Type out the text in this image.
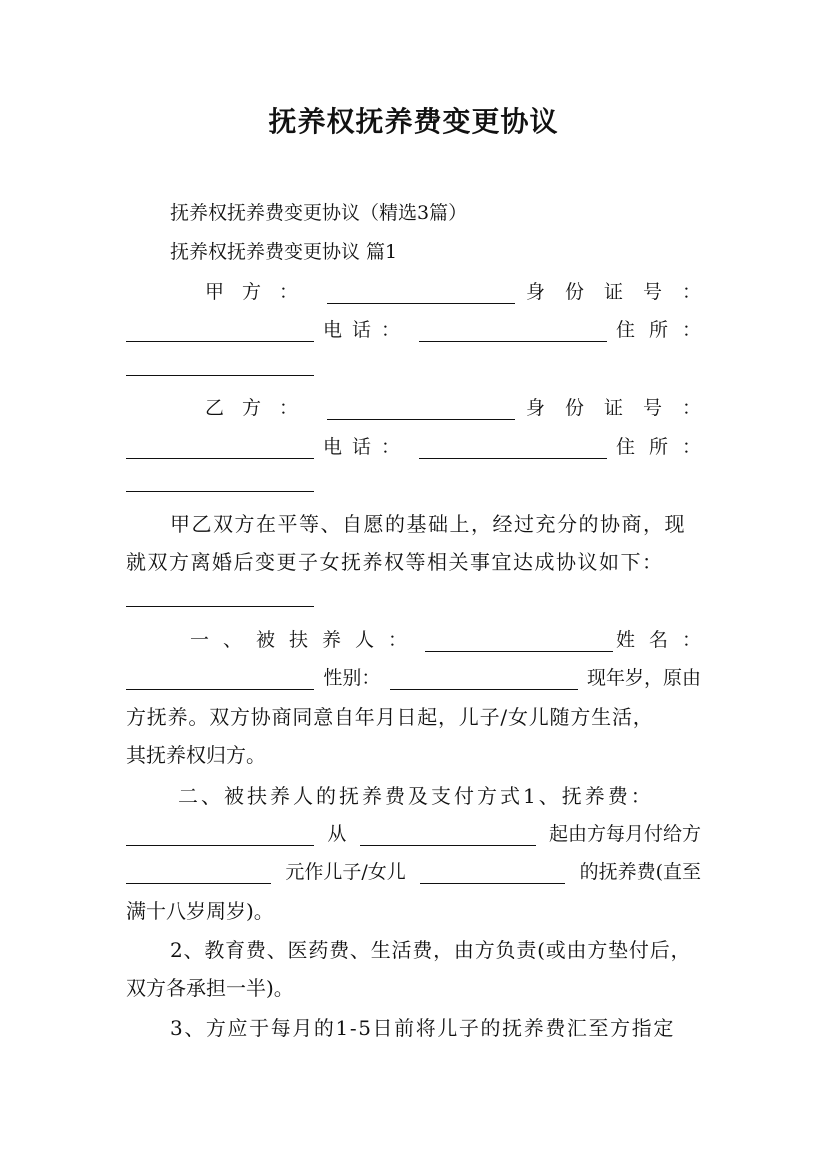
抚养权抚养费变更协议
抚养权抚养费变更协议（精选3篇）
抚养权抚养费变更协议 篇1
甲方：	身份证号：
电话：	住所：
乙方：	身份证号：
电话：	住所：
甲乙双方在平等、自愿的基础上，经过充分的协商，现
就双方离婚后变更子女抚养权等相关事宜达成协议如下：
一、被扶养人：	姓名：
性别：	现年岁，原由
方抚养。双方协商同意自年月日起，儿子/女儿随方生活，
其抚养权归方。
二、被扶养人的抚养费及支付方式1、抚养费：
从	起由方每月付给方
元作儿子/女儿	的抚养费(直至
满十八岁周岁)。
2、教育费、医药费、生活费，由方负责(或由方垫付后，
双方各承担一半)。
3、方应于每月的1-5日前将儿子的抚养费汇至方指定
